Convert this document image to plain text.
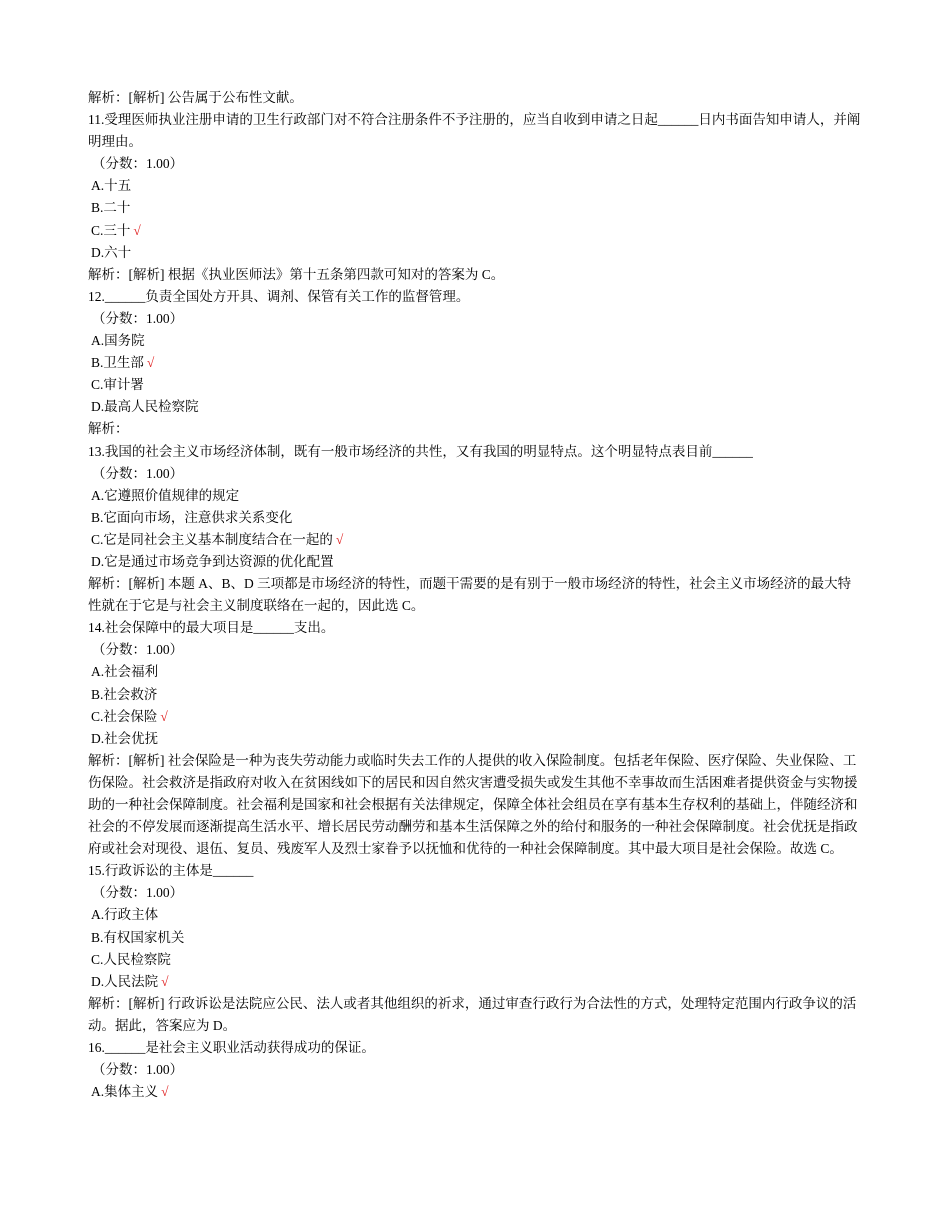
解析：[解析] 公告属于公布性文献。
11.受理医师执业注册申请的卫生行政部门对不符合注册条件不予注册的，应当自收到申请之日起______日内书面告知申请人，并阐明理由。
（分数：1.00）
A.十五
B.二十
C.三十 √
D.六十
解析：[解析] 根据《执业医师法》第十五条第四款可知对的答案为 C。
12.______负责全国处方开具、调剂、保管有关工作的监督管理。
（分数：1.00）
A.国务院
B.卫生部 √
C.审计署
D.最高人民检察院
解析：
13.我国的社会主义市场经济体制，既有一般市场经济的共性，又有我国的明显特点。这个明显特点表目前______
（分数：1.00）
A.它遵照价值规律的规定
B.它面向市场，注意供求关系变化
C.它是同社会主义基本制度结合在一起的 √
D.它是通过市场竞争到达资源的优化配置
解析：[解析] 本题 A、B、D 三项都是市场经济的特性，而题干需要的是有别于一般市场经济的特性，社会主义市场经济的最大特性就在于它是与社会主义制度联络在一起的，因此选 C。
14.社会保障中的最大项目是______支出。
（分数：1.00）
A.社会福利
B.社会救济
C.社会保险 √
D.社会优抚
解析：[解析] 社会保险是一种为丧失劳动能力或临时失去工作的人提供的收入保险制度。包括老年保险、医疗保险、失业保险、工伤保险。社会救济是指政府对收入在贫困线如下的居民和因自然灾害遭受损失或发生其他不幸事故而生活困难者提供资金与实物援助的一种社会保障制度。社会福利是国家和社会根据有关法律规定，保障全体社会组员在享有基本生存权利的基础上，伴随经济和社会的不停发展而逐渐提高生活水平、增长居民劳动酬劳和基本生活保障之外的给付和服务的一种社会保障制度。社会优抚是指政府或社会对现役、退伍、复员、残废军人及烈士家眷予以抚恤和优待的一种社会保障制度。其中最大项目是社会保险。故选 C。
15.行政诉讼的主体是______
（分数：1.00）
A.行政主体
B.有权国家机关
C.人民检察院
D.人民法院 √
解析：[解析] 行政诉讼是法院应公民、法人或者其他组织的祈求，通过审查行政行为合法性的方式，处理特定范围内行政争议的活动。据此，答案应为 D。
16.______是社会主义职业活动获得成功的保证。
（分数：1.00）
A.集体主义 √
